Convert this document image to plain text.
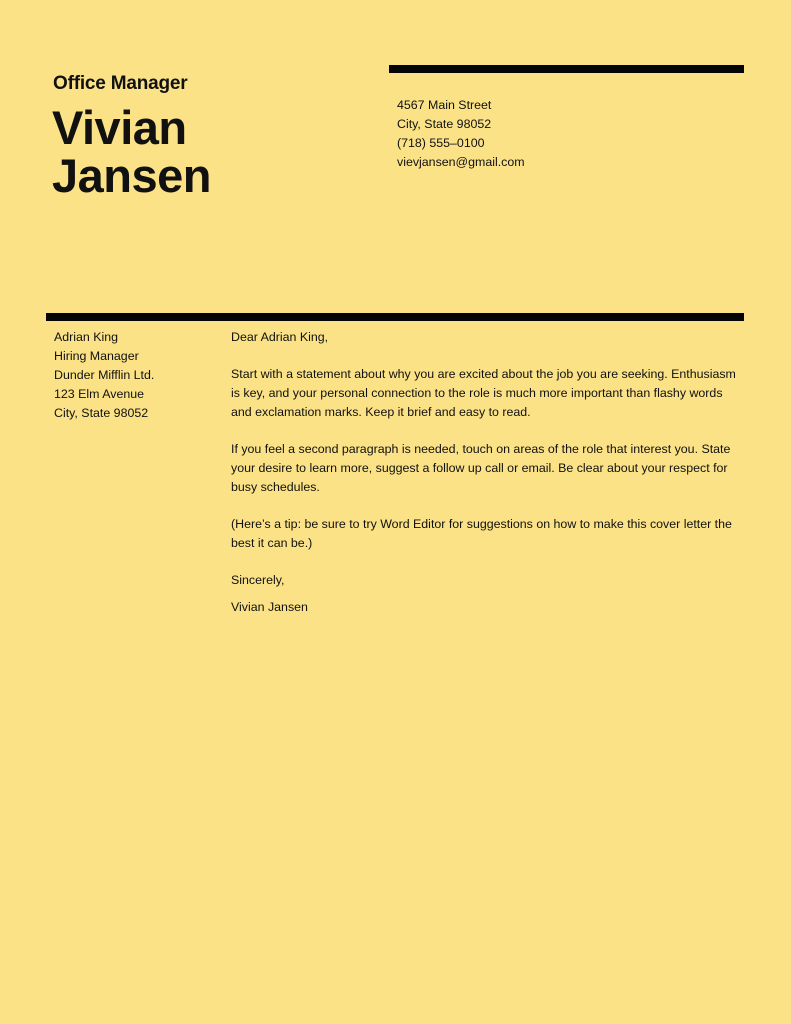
Office Manager
Vivian
Jansen
4567 Main Street
City, State 98052
(718) 555–0100
vievjansen@gmail.com
Adrian King
Hiring Manager
Dunder Mifflin Ltd.
123 Elm Avenue
City, State 98052

Dear Adrian King,

Start with a statement about why you are excited about the job you are seeking. Enthusiasm is key, and your personal connection to the role is much more important than flashy words and exclamation marks. Keep it brief and easy to read.

If you feel a second paragraph is needed, touch on areas of the role that interest you. State your desire to learn more, suggest a follow up call or email. Be clear about your respect for busy schedules.

(Here’s a tip: be sure to try Word Editor for suggestions on how to make this cover letter the best it can be.)

Sincerely,

Vivian Jansen
